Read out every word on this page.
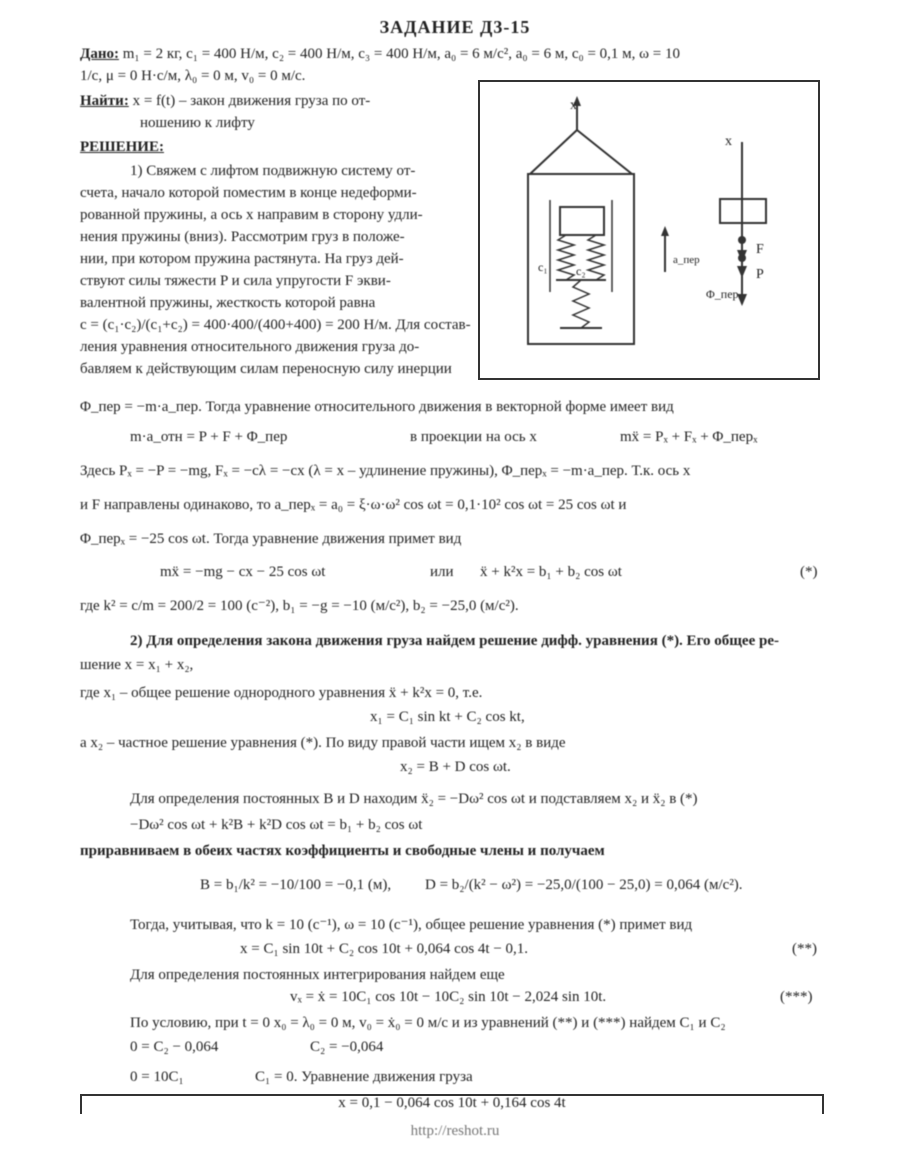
ЗАДАНИЕ Д3-15
Дано: m₁ = 2 кг, c₁ = 400 Н/м, c₂ = 400 Н/м, c₃ = 400 Н/м, a₀ = 6 м/с², a₀ = 6 м, c₀ = 0,1 м, ω = 10
1/с, μ = 0 Н·с/м, λ₀ = 0 м, v₀ = 0 м/с.
Найти: x = f(t) – закон движения груза по от-
ношению к лифту
РЕШЕНИЕ:
1) Свяжем с лифтом подвижную систему от-
счета, начало которой поместим в конце недеформи-
рованной пружины, а ось x направим в сторону удли-
нения пружины (вниз). Рассмотрим груз в положе-
нии, при котором пружина растянута. На груз дей-
ствуют силы тяжести P и сила упругости F экви-
валентной пружины, жесткость которой равна
c = (c₁·c₂)/(c₁+c₂) = 400·400/(400+400) = 200 Н/м. Для состав-
ления уравнения относительного движения груза до-
бавляем к действующим силам переносную силу инерции
x
x
c₁ c₂
a_пер
F
P
Φ_пер
Φ_пер = −m·a_пер. Тогда уравнение относительного движения в векторной форме имеет вид
m·a_отн = P + F + Φ_пер	в проекции на ось x	mẍ = Pₓ + Fₓ + Φ_перₓ
Здесь Pₓ = −P = −mg, Fₓ = −cλ = −cx (λ = x – удлинение пружины), Φ_перₓ = −m·a_пер. Т.к. ось x
и F направлены одинаково, то a_перₓ = a₀ = ξ·ω·ω² cos ωt = 0,1·10² cos ωt = 25 cos ωt и
Φ_перₓ = −25 cos ωt. Тогда уравнение движения примет вид
mẍ = −mg − cx − 25 cos ωt	или ẍ + k²x = b₁ + b₂ cos ωt	(*)
где k² = c/m = 200/2 = 100 (с⁻²), b₁ = −g = −10 (м/с²), b₂ = −25,0 (м/с²).
2) Для определения закона движения груза найдем решение дифф. уравнения (*). Его общее ре-
шение x = x₁ + x₂,
где x₁ – общее решение однородного уравнения ẍ + k²x = 0, т.е.
x₁ = C₁ sin kt + C₂ cos kt,
а x₂ – частное решение уравнения (*). По виду правой части ищем x₂ в виде
x₂ = B + D cos ωt.
Для определения постоянных B и D находим ẍ₂ = −Dω² cos ωt и подставляем x₂ и ẍ₂ в (*)
−Dω² cos ωt + k²B + k²D cos ωt = b₁ + b₂ cos ωt
приравниваем в обеих частях коэффициенты и свободные члены и получаем
B = b₁/k² = −10/100 = −0,1 (м), D = b₂/(k² − ω²) = −25,0/(100 − 25,0) = 0,064 (м/с²).
Тогда, учитывая, что k = 10 (с⁻¹), ω = 10 (с⁻¹), общее решение уравнения (*) примет вид
x = C₁ sin 10t + C₂ cos 10t + 0,064 cos 4t − 0,1.	(**)
Для определения постоянных интегрирования найдем еще
vₓ = ẋ = 10C₁ cos 10t − 10C₂ sin 10t − 2,024 sin 10t.	(***)
По условию, при t = 0 x₀ = λ₀ = 0 м, v₀ = ẋ₀ = 0 м/с и из уравнений (**) и (***) найдем C₁ и C₂
0 = C₂ − 0,064	C₂ = −0,064
0 = 10C₁	C₁ = 0. Уравнение движения груза
x = 0,1 − 0,064 cos 10t + 0,164 cos 4t
http://reshot.ru
